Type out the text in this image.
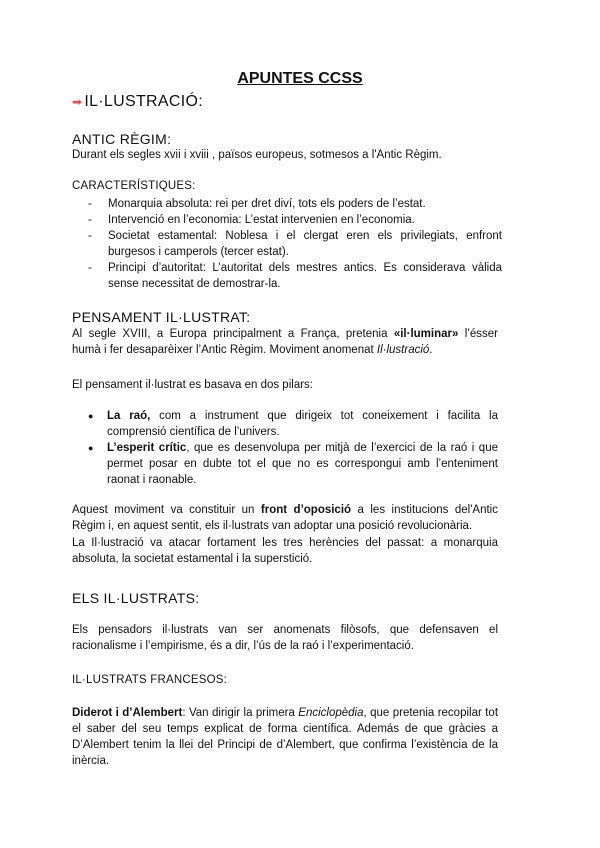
APUNTES CCSS
➡ IL·LUSTRACIÓ:
ANTIC RÈGIM:
Durant els segles xvii i xviii , països europeus, sotmesos a l'Antic Règim.
CARACTERÍSTIQUES:
- Monarquia absoluta: rei per dret diví, tots els poders de l’estat.
- Intervenció en l’economia: L’estat intervenien en l’economia.
- Societat estamental: Noblesa i el clergat eren els privilegiats, enfront burgesos i camperols (tercer estat).
- Principi d’autoritat: L’autoritat dels mestres antics. Es considerava vàlida sense necessitat de demostrar-la.
PENSAMENT IL·LUSTRAT:
Al segle XVIII, a Europa principalment a França, pretenia «il·luminar» l’ésser humà i fer desaparèixer l’Antic Règim. Moviment anomenat Il·lustració.
El pensament il·lustrat es basava en dos pilars:
● La raó, com a instrument que dirigeix tot coneixement i facilita la comprensió científica de l’univers.
● L’esperit crític, que es desenvolupa per mitjà de l’exercici de la raó i que permet posar en dubte tot el que no es correspongui amb l’enteniment raonat i raonable.
Aquest moviment va constituir un front d’oposició a les institucions del'Antic Règim i, en aquest sentit, els il·lustrats van adoptar una posició revolucionària.
La Il·lustració va atacar fortament les tres herències del passat: a monarquia absoluta, la societat estamental i la superstició.
ELS IL·LUSTRATS:
Els pensadors il·lustrats van ser anomenats filòsofs, que defensaven el racionalisme i l’empirisme, és a dir, l’ús de la raó i l’experimentació.
IL·LUSTRATS FRANCESOS:
Diderot i d’Alembert: Van dirigir la primera Enciclopèdia, que pretenia recopilar tot el saber del seu temps explicat de forma científica. Además de que gràcies a D’Alembert tenim la llei del Principi de d’Alembert, que confirma l’existència de la inèrcia.
